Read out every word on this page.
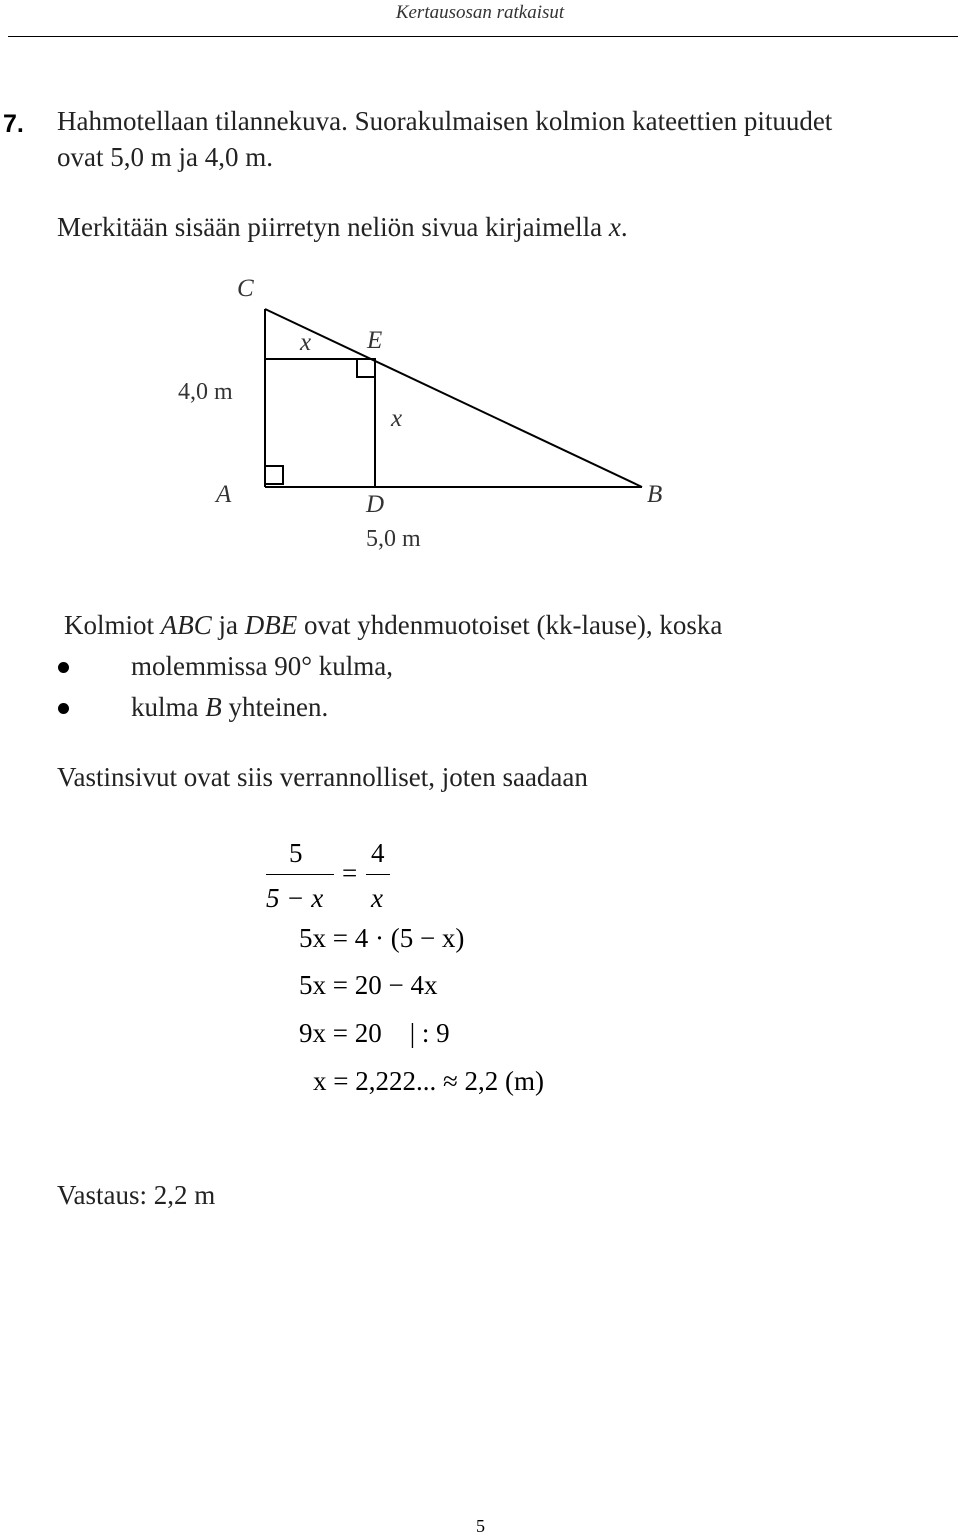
Kertausosan ratkaisut
7. Hahmotellaan tilannekuva. Suorakulmaisen kolmion kateettien pituudet
ovat 5,0 m ja 4,0 m.
Merkitään sisään piirretyn neliön sivua kirjaimella x.
C
E
x
x
A	D	B
4,0 m
5,0 m
Kolmiot ABC ja DBE ovat yhdenmuotoiset (kk-lause), koska
molemmissa 90° kulma,
kulma B yhteinen.
Vastinsivut ovat siis verrannolliset, joten saadaan
5
5 − x
=
4
x
5x = 4 · (5 − x)
5x = 20 − 4x
9x = 20 | : 9
x = 2,222... ≈ 2,2 (m)
Vastaus: 2,2 m
5
